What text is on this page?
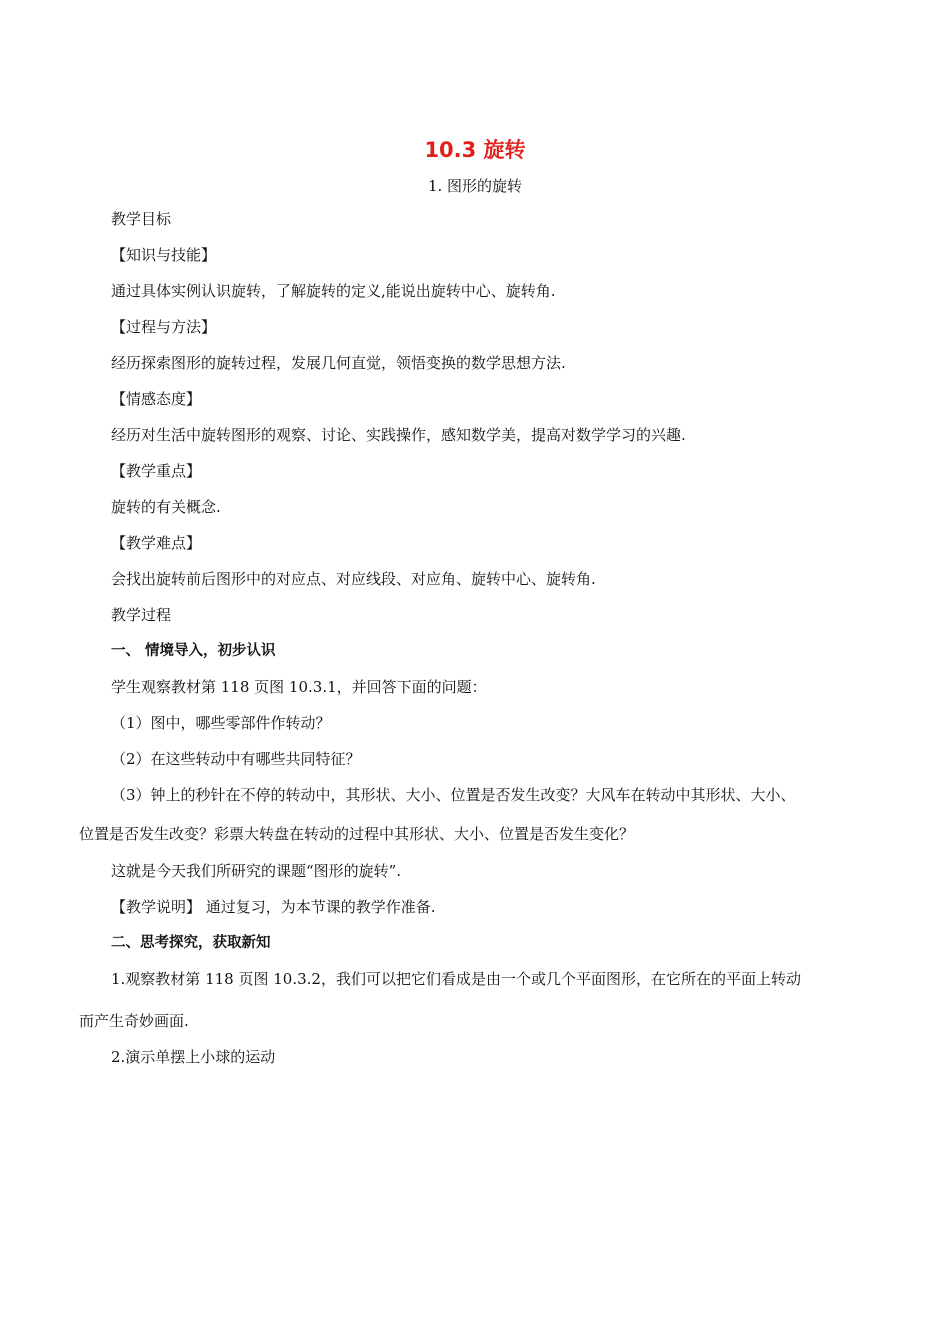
10.3 旋转
1. 图形的旋转
教学目标
【知识与技能】
通过具体实例认识旋转，了解旋转的定义,能说出旋转中心、旋转角.
【过程与方法】
经历探索图形的旋转过程，发展几何直觉，领悟变换的数学思想方法.
【情感态度】
经历对生活中旋转图形的观察、讨论、实践操作，感知数学美，提高对数学学习的兴趣.
【教学重点】
旋转的有关概念.
【教学难点】
会找出旋转前后图形中的对应点、对应线段、对应角、旋转中心、旋转角.
教学过程
一、 情境导入，初步认识
学生观察教材第 118 页图 10.3.1，并回答下面的问题：
（1）图中，哪些零部件作转动？
（2）在这些转动中有哪些共同特征？
（3）钟上的秒针在不停的转动中，其形状、大小、位置是否发生改变？大风车在转动中其形状、大小、
位置是否发生改变？彩票大转盘在转动的过程中其形状、大小、位置是否发生变化？
这就是今天我们所研究的课题“图形的旋转”.
【教学说明】 通过复习，为本节课的教学作准备.
二、思考探究，获取新知
1.观察教材第 118 页图 10.3.2，我们可以把它们看成是由一个或几个平面图形，在它所在的平面上转动
而产生奇妙画面.
2.演示单摆上小球的运动
